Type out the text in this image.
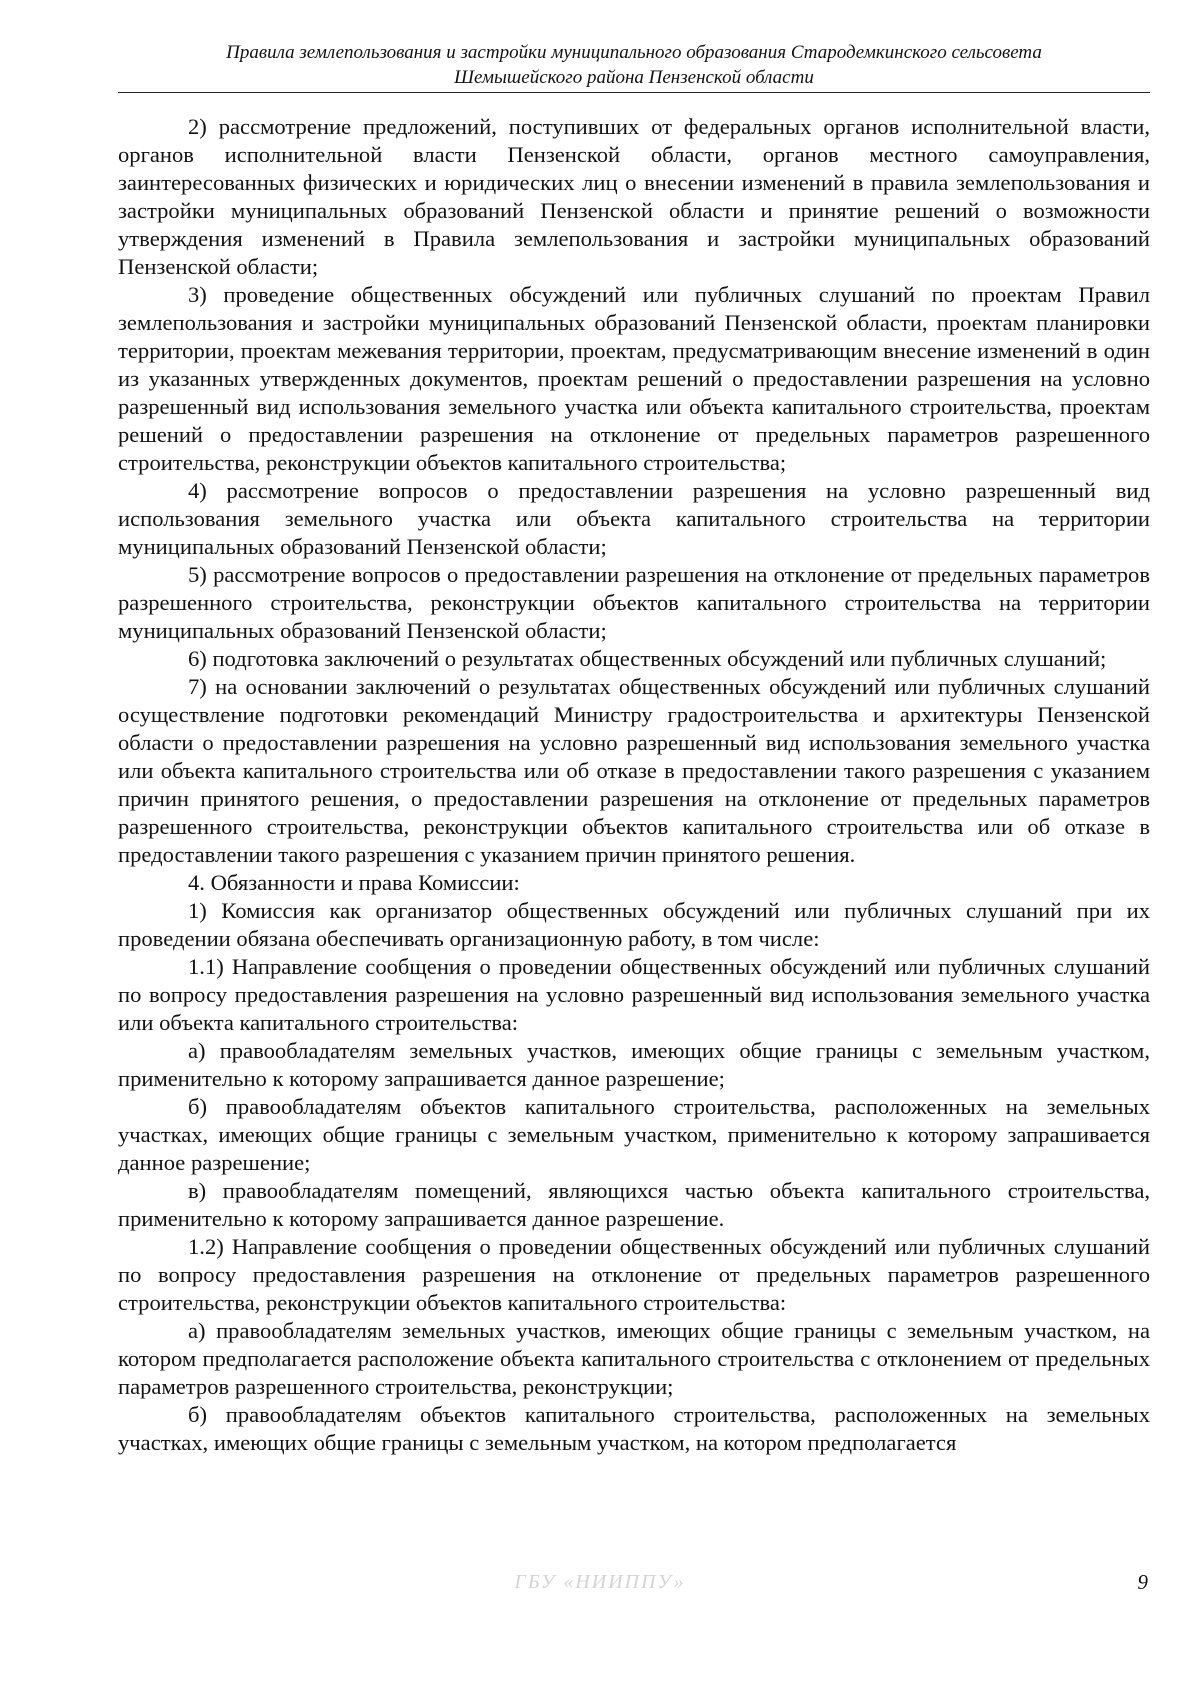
Правила землепользования и застройки муниципального образования Стародемкинского сельсовета
Шемышейского района Пензенской области

2) рассмотрение предложений, поступивших от федеральных органов исполнительной власти, органов исполнительной власти Пензенской области, органов местного самоуправления, заинтересованных физических и юридических лиц о внесении изменений в правила землепользования и застройки муниципальных образований Пензенской области и принятие решений о возможности утверждения изменений в Правила землепользования и застройки муниципальных образований Пензенской области;

3) проведение общественных обсуждений или публичных слушаний по проектам Правил землепользования и застройки муниципальных образований Пензенской области, проектам планировки территории, проектам межевания территории, проектам, предусматривающим внесение изменений в один из указанных утвержденных документов, проектам решений о предоставлении разрешения на условно разрешенный вид использования земельного участка или объекта капитального строительства, проектам решений о предоставлении разрешения на отклонение от предельных параметров разрешенного строительства, реконструкции объектов капитального строительства;

4) рассмотрение вопросов о предоставлении разрешения на условно разрешенный вид использования земельного участка или объекта капитального строительства на территории муниципальных образований Пензенской области;

5) рассмотрение вопросов о предоставлении разрешения на отклонение от предельных параметров разрешенного строительства, реконструкции объектов капитального строительства на территории муниципальных образований Пензенской области;

6) подготовка заключений о результатах общественных обсуждений или публичных слушаний;

7) на основании заключений о результатах общественных обсуждений или публичных слушаний осуществление подготовки рекомендаций Министру градостроительства и архитектуры Пензенской области о предоставлении разрешения на условно разрешенный вид использования земельного участка или объекта капитального строительства или об отказе в предоставлении такого разрешения с указанием причин принятого решения, о предоставлении разрешения на отклонение от предельных параметров разрешенного строительства, реконструкции объектов капитального строительства или об отказе в предоставлении такого разрешения с указанием причин принятого решения.

4. Обязанности и права Комиссии:

1) Комиссия как организатор общественных обсуждений или публичных слушаний при их проведении обязана обеспечивать организационную работу, в том числе:

1.1) Направление сообщения о проведении общественных обсуждений или публичных слушаний по вопросу предоставления разрешения на условно разрешенный вид использования земельного участка или объекта капитального строительства:

а) правообладателям земельных участков, имеющих общие границы с земельным участком, применительно к которому запрашивается данное разрешение;

б) правообладателям объектов капитального строительства, расположенных на земельных участках, имеющих общие границы с земельным участком, применительно к которому запрашивается данное разрешение;

в) правообладателям помещений, являющихся частью объекта капитального строительства, применительно к которому запрашивается данное разрешение.

1.2) Направление сообщения о проведении общественных обсуждений или публичных слушаний по вопросу предоставления разрешения на отклонение от предельных параметров разрешенного строительства, реконструкции объектов капитального строительства:

а) правообладателям земельных участков, имеющих общие границы с земельным участком, на котором предполагается расположение объекта капитального строительства с отклонением от предельных параметров разрешенного строительства, реконструкции;

б) правообладателям объектов капитального строительства, расположенных на земельных участках, имеющих общие границы с земельным участком, на котором предполагается

ГБУ «НИИППУ»	9
